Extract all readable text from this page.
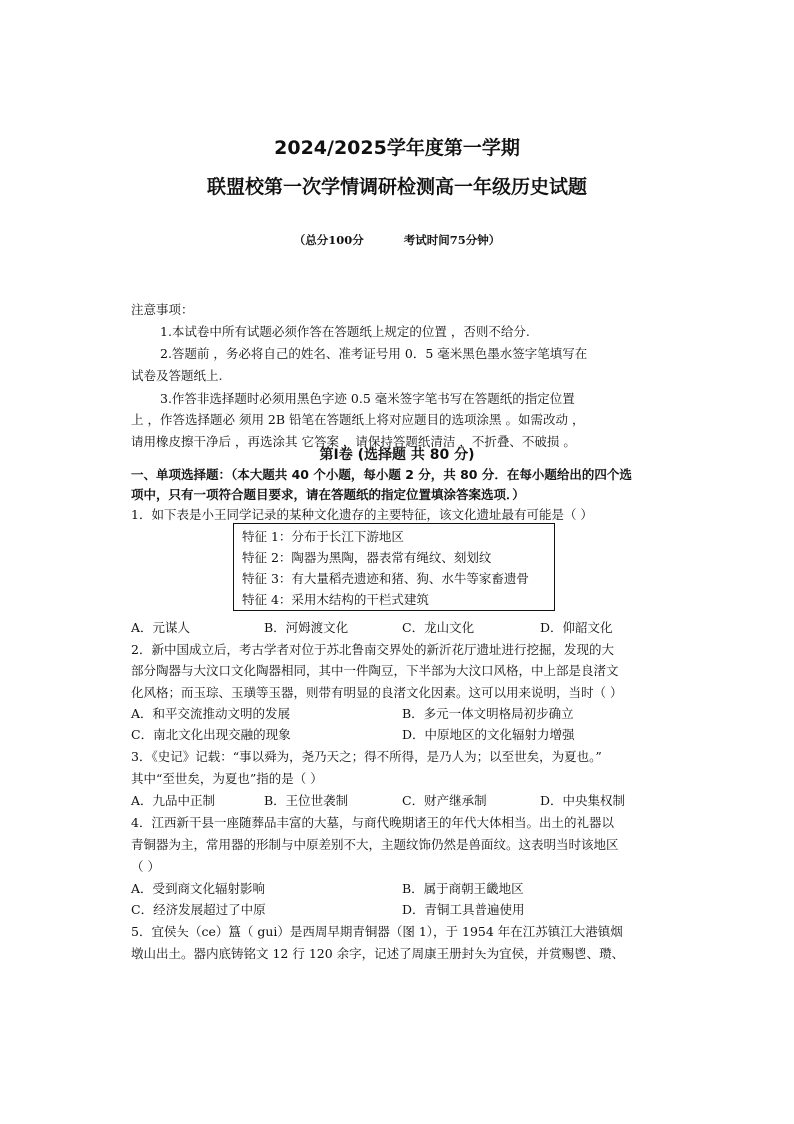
2024/2025学年度第一学期
联盟校第一次学情调研检测高一年级历史试题
（总分100分	考试时间75分钟）
注意事项：
1.本试卷中所有试题必须作答在答题纸上规定的位置 ，否则不给分.
2.答题前 ，务必将自己的姓名、准考证号用 0．5 毫米黑色墨水签字笔填写在
试卷及答题纸上.
3.作答非选择题时必须用黑色字迹 0.5 毫米签字笔书写在答题纸的指定位置
上 ，作答选择题必 须用 2B 铅笔在答题纸上将对应题目的选项涂黑 。如需改动 ，
请用橡皮擦干净后 ，再选涂其 它答案 ，请保持答题纸清洁 ，不折叠、不破损 。
第Ⅰ卷 (选择题 共 80 分)
一、单项选择题：（本大题共 40 个小题，每小题 2 分，共 80 分．在每小题给出的四个选
项中，只有一项符合题目要求，请在答题纸的指定位置填涂答案选项．）
1．如下表是小王同学记录的某种文化遗存的主要特征，该文化遗址最有可能是（ ）
特征 1：分布于长江下游地区
特征 2：陶器为黑陶，器表常有绳纹、刻划纹
特征 3：有大量稻壳遗迹和猪、狗、水牛等家畜遗骨
特征 4：采用木结构的干栏式建筑
A．元谋人	B．河姆渡文化	C．龙山文化	D．仰韶文化
2．新中国成立后，考古学者对位于苏北鲁南交界处的新沂花厅遗址进行挖掘，发现的大
部分陶器与大汶口文化陶器相同，其中一件陶豆，下半部为大汶口风格，中上部是良渚文
化风格；而玉琮、玉璜等玉器，则带有明显的良渚文化因素。这可以用来说明，当时（ ）
A．和平交流推动文明的发展	B．多元一体文明格局初步确立
C．南北文化出现交融的现象	D．中原地区的文化辐射力增强
3．《史记》记载：“事以舜为，尧乃天之；得不所得，是乃人为；以至世矣，为夏也。”
其中“至世矣，为夏也”指的是（ ）
A．九品中正制	B．王位世袭制	C．财产继承制	D．中央集权制
4．江西新干县一座随葬品丰富的大墓，与商代晚期诸王的年代大体相当。出土的礼器以
青铜器为主，常用器的形制与中原差别不大，主题纹饰仍然是兽面纹。这表明当时该地区
（ ）
A．受到商文化辐射影响	B．属于商朝王畿地区
C．经济发展超过了中原	D．青铜工具普遍使用
5．宜侯夨（ce）簋（ gui）是西周早期青铜器（图 1），于 1954 年在江苏镇江大港镇烟
墩山出土。器内底铸铭文 12 行 120 余字，记述了周康王册封夨为宜侯，并赏赐鬯、瓒、
